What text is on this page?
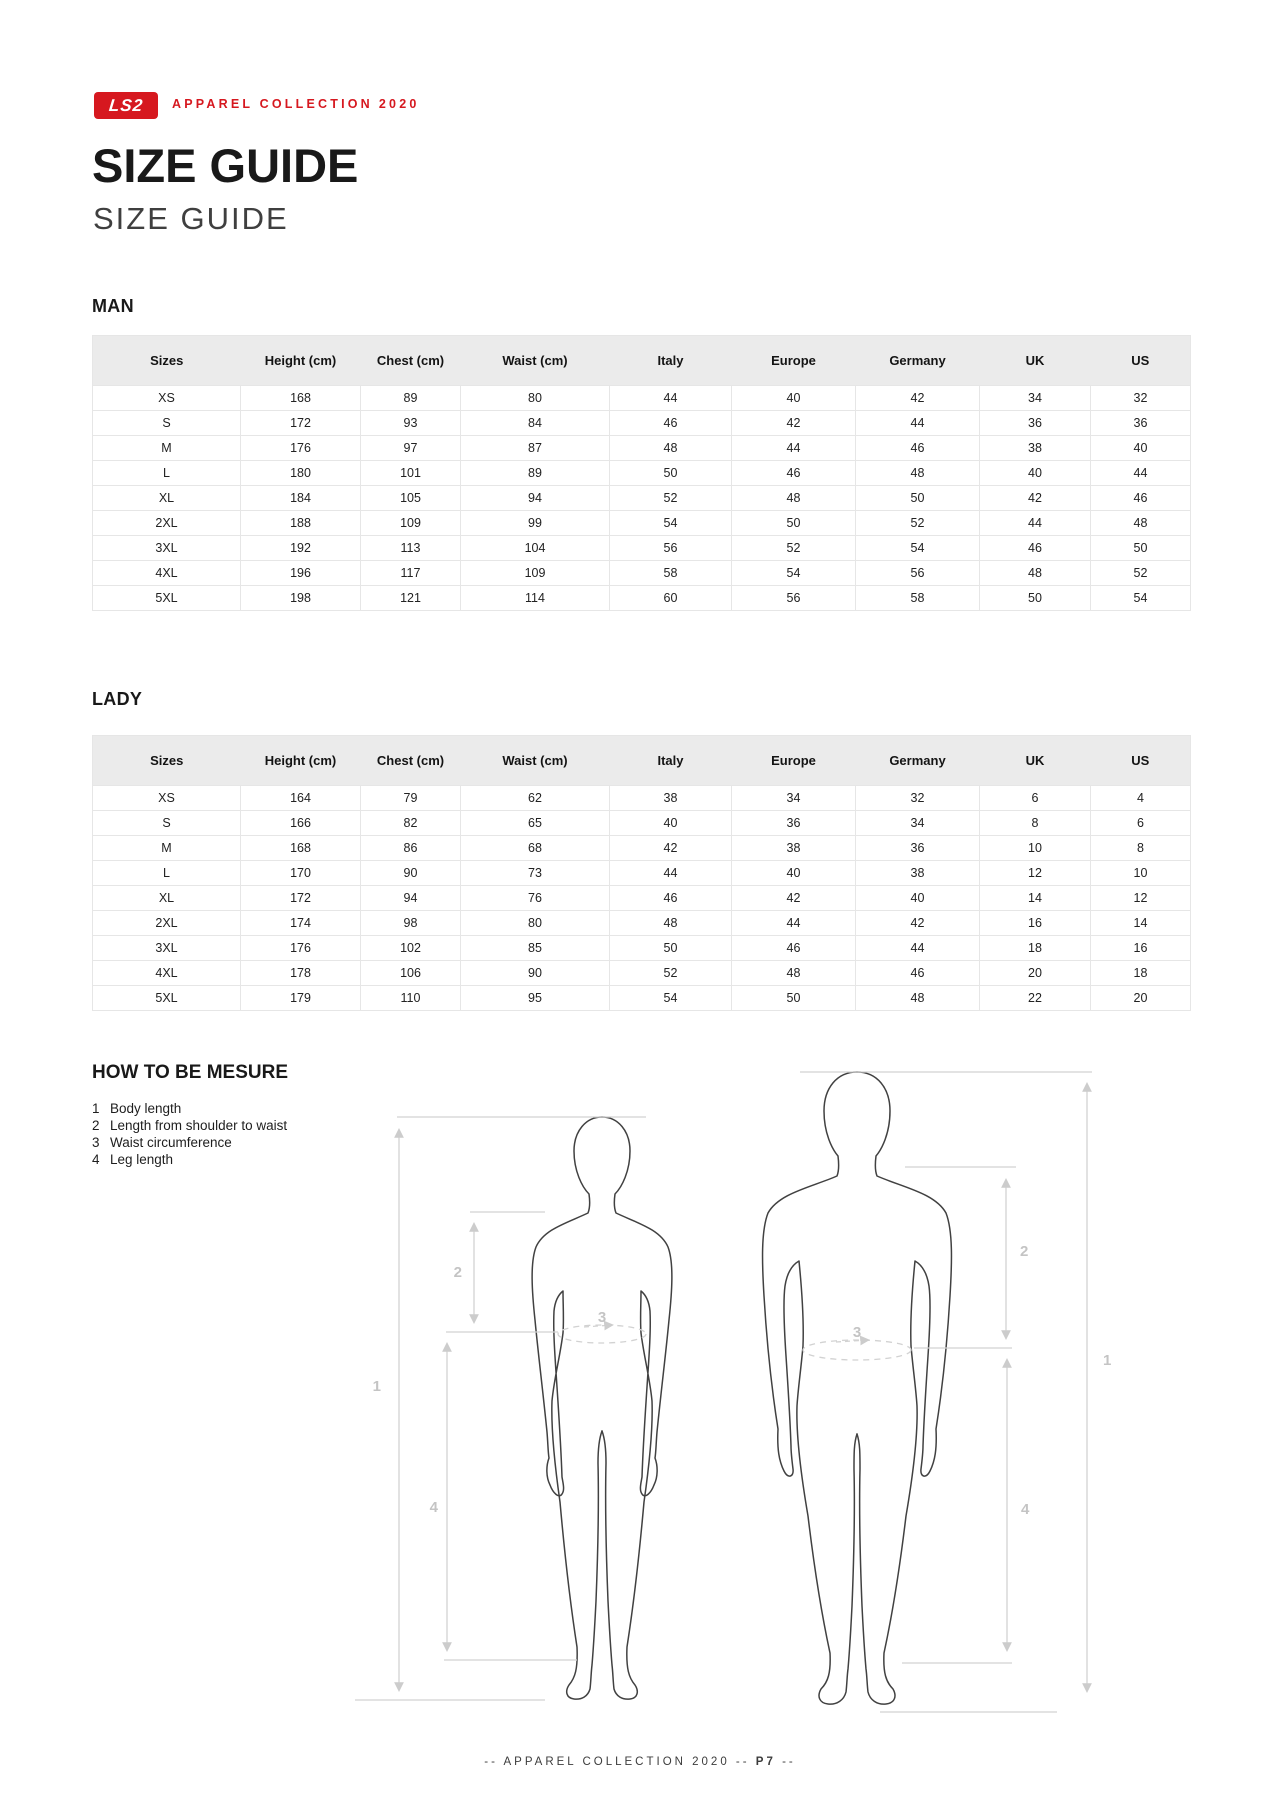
LS2 APPAREL COLLECTION 2020
SIZE GUIDE
SIZE GUIDE
MAN
Sizes	Height (cm)	Chest (cm)	Waist (cm)	Italy	Europe	Germany	UK	US
XS	168	89	80	44	40	42	34	32
S	172	93	84	46	42	44	36	36
M	176	97	87	48	44	46	38	40
L	180	101	89	50	46	48	40	44
XL	184	105	94	52	48	50	42	46
2XL	188	109	99	54	50	52	44	48
3XL	192	113	104	56	52	54	46	50
4XL	196	117	109	58	54	56	48	52
5XL	198	121	114	60	56	58	50	54
LADY
Sizes	Height (cm)	Chest (cm)	Waist (cm)	Italy	Europe	Germany	UK	US
XS	164	79	62	38	34	32	6	4
S	166	82	65	40	36	34	8	6
M	168	86	68	42	38	36	10	8
L	170	90	73	44	40	38	12	10
XL	172	94	76	46	42	40	14	12
2XL	174	98	80	48	44	42	16	14
3XL	176	102	85	50	46	44	18	16
4XL	178	106	90	52	48	46	20	18
5XL	179	110	95	54	50	48	22	20
HOW TO BE MESURE
1 Body length
2 Length from shoulder to waist
3 Waist circumference
4 Leg length
1
2
3
4
1
2
3
4
-- APPAREL COLLECTION 2020 -- P7 --
